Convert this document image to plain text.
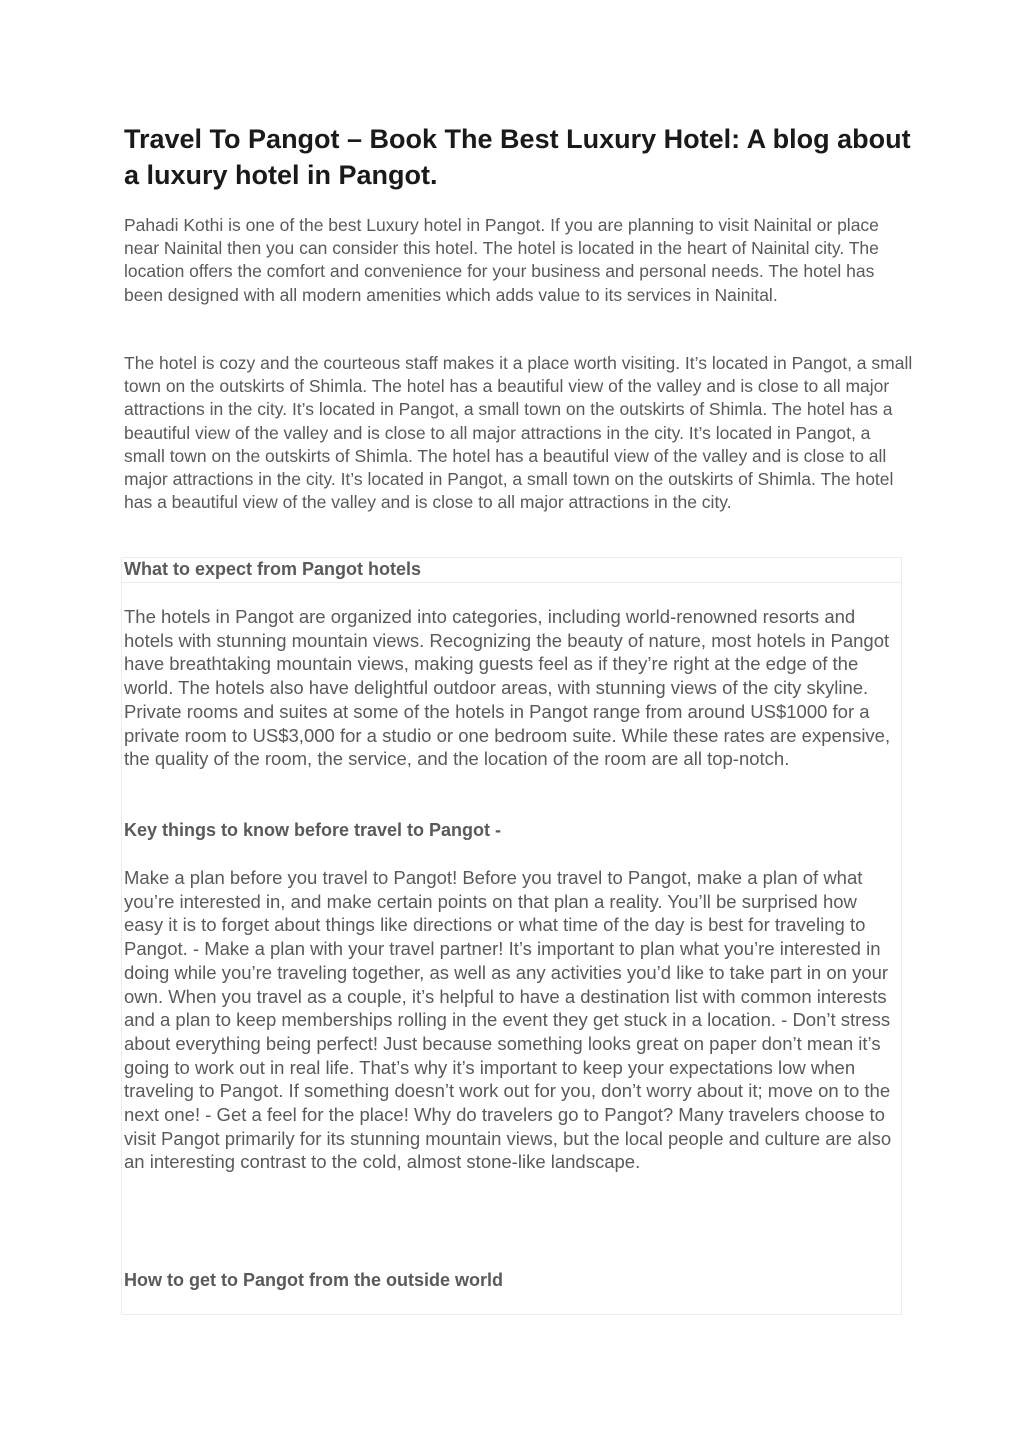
Travel To Pangot – Book The Best Luxury Hotel: A blog about a luxury hotel in Pangot.

Pahadi Kothi is one of the best Luxury hotel in Pangot. If you are planning to visit Nainital or place near Nainital then you can consider this hotel. The hotel is located in the heart of Nainital city. The location offers the comfort and convenience for your business and personal needs. The hotel has been designed with all modern amenities which adds value to its services in Nainital.

The hotel is cozy and the courteous staff makes it a place worth visiting. It’s located in Pangot, a small town on the outskirts of Shimla. The hotel has a beautiful view of the valley and is close to all major attractions in the city. It’s located in Pangot, a small town on the outskirts of Shimla. The hotel has a beautiful view of the valley and is close to all major attractions in the city. It’s located in Pangot, a small town on the outskirts of Shimla. The hotel has a beautiful view of the valley and is close to all major attractions in the city. It’s located in Pangot, a small town on the outskirts of Shimla. The hotel has a beautiful view of the valley and is close to all major attractions in the city.

What to expect from Pangot hotels

The hotels in Pangot are organized into categories, including world-renowned resorts and hotels with stunning mountain views. Recognizing the beauty of nature, most hotels in Pangot have breathtaking mountain views, making guests feel as if they’re right at the edge of the world. The hotels also have delightful outdoor areas, with stunning views of the city skyline. Private rooms and suites at some of the hotels in Pangot range from around US$1000 for a private room to US$3,000 for a studio or one bedroom suite. While these rates are expensive, the quality of the room, the service, and the location of the room are all top-notch.

Key things to know before travel to Pangot -

Make a plan before you travel to Pangot! Before you travel to Pangot, make a plan of what you’re interested in, and make certain points on that plan a reality. You’ll be surprised how easy it is to forget about things like directions or what time of the day is best for traveling to Pangot. - Make a plan with your travel partner! It’s important to plan what you’re interested in doing while you’re traveling together, as well as any activities you’d like to take part in on your own. When you travel as a couple, it’s helpful to have a destination list with common interests and a plan to keep memberships rolling in the event they get stuck in a location. - Don’t stress about everything being perfect! Just because something looks great on paper don’t mean it’s going to work out in real life. That’s why it’s important to keep your expectations low when traveling to Pangot. If something doesn’t work out for you, don’t worry about it; move on to the next one! - Get a feel for the place! Why do travelers go to Pangot? Many travelers choose to visit Pangot primarily for its stunning mountain views, but the local people and culture are also an interesting contrast to the cold, almost stone-like landscape.

How to get to Pangot from the outside world
